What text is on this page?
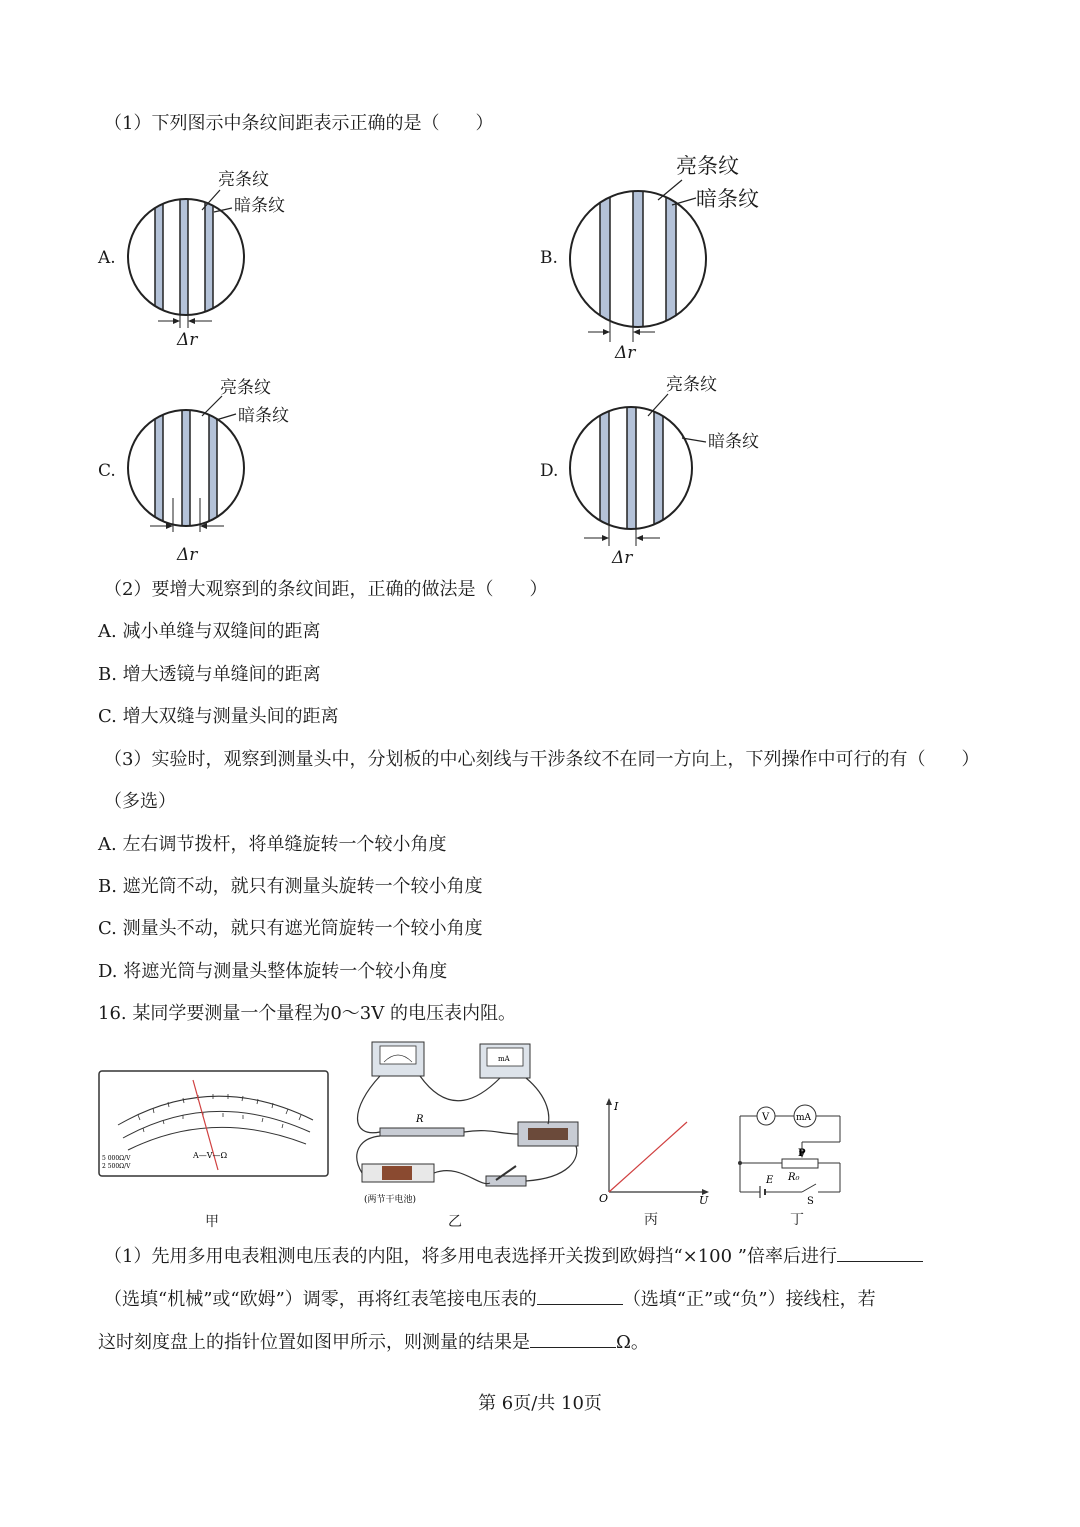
（1）下列图示中条纹间距表示正确的是（　　）
A.
亮条纹
暗条纹
Δr
B.
亮条纹
暗条纹
Δr
C.
亮条纹
暗条纹
Δr
D.
亮条纹
暗条纹
Δr
（2）要增大观察到的条纹间距，正确的做法是（　　）
A. 减小单缝与双缝间的距离
B. 增大透镜与单缝间的距离
C. 增大双缝与测量头间的距离
（3）实验时，观察到测量头中，分划板的中心刻线与干涉条纹不在同一方向上，下列操作中可行的有（　　）
（多选）
A. 左右调节拨杆，将单缝旋转一个较小角度
B. 遮光筒不动，就只有测量头旋转一个较小角度
C. 测量头不动，就只有遮光筒旋转一个较小角度
D. 将遮光筒与测量头整体旋转一个较小角度
16. 某同学要测量一个量程为0～3V 的电压表内阻。
A—V—Ω
5 000Ω/V
2 500Ω/V
甲
mA
R
(两节干电池)
乙
I
U
O
丙
V	mA
P
R₀
E
S
丁
（1）先用多用电表粗测电压表的内阻，将多用电表选择开关拨到欧姆挡“×100 ”倍率后进行
（选填“机械”或“欧姆”）调零，再将红表笔接电压表的	（选填“正”或“负”）接线柱，若
这时刻度盘上的指针位置如图甲所示，则测量的结果是	Ω。
第 6页/共 10页
